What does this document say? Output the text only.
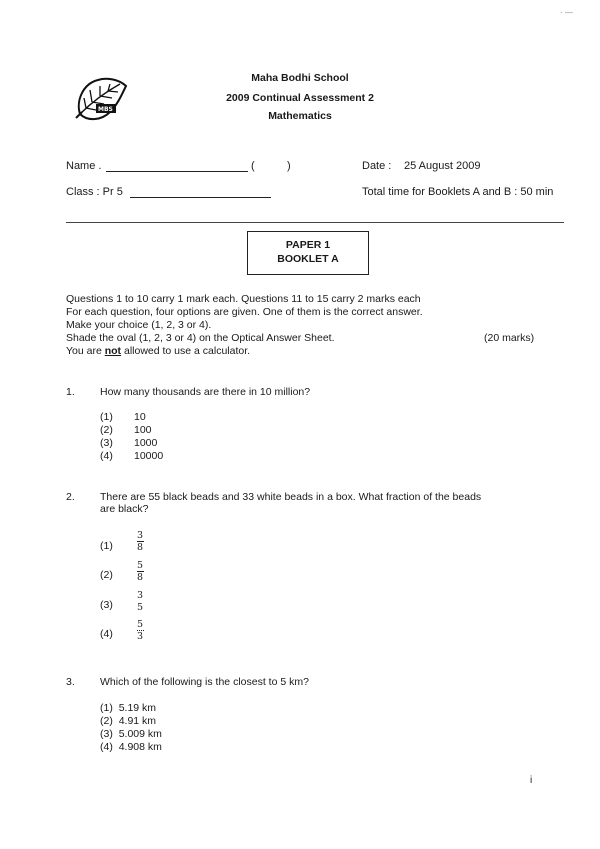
· —
MBS
Maha Bodhi School
2009 Continual Assessment 2
Mathematics
Name .	(	)	Date : 25 August 2009
Class : Pr 5	Total time for Booklets A and B : 50 min
PAPER 1
BOOKLET A
Questions 1 to 10 carry 1 mark each. Questions 11 to 15 carry 2 marks each
For each question, four options are given. One of them is the correct answer.
Make your choice (1, 2, 3 or 4).
Shade the oval (1, 2, 3 or 4) on the Optical Answer Sheet.	(20 marks)
You are not allowed to use a calculator.
1. How many thousands are there in 10 million?
(1) 10
(2) 100
(3) 1000
(4) 10000
2. There are 55 black beads and 33 white beads in a box. What fraction of the beads
are black?
(1)
3
8
(2)
5
8
(3)
3
5
(4)
5
3
3. Which of the following is the closest to 5 km?
(1) 5.19 km
(2) 4.91 km
(3) 5.009 km
(4) 4.908 km
i
